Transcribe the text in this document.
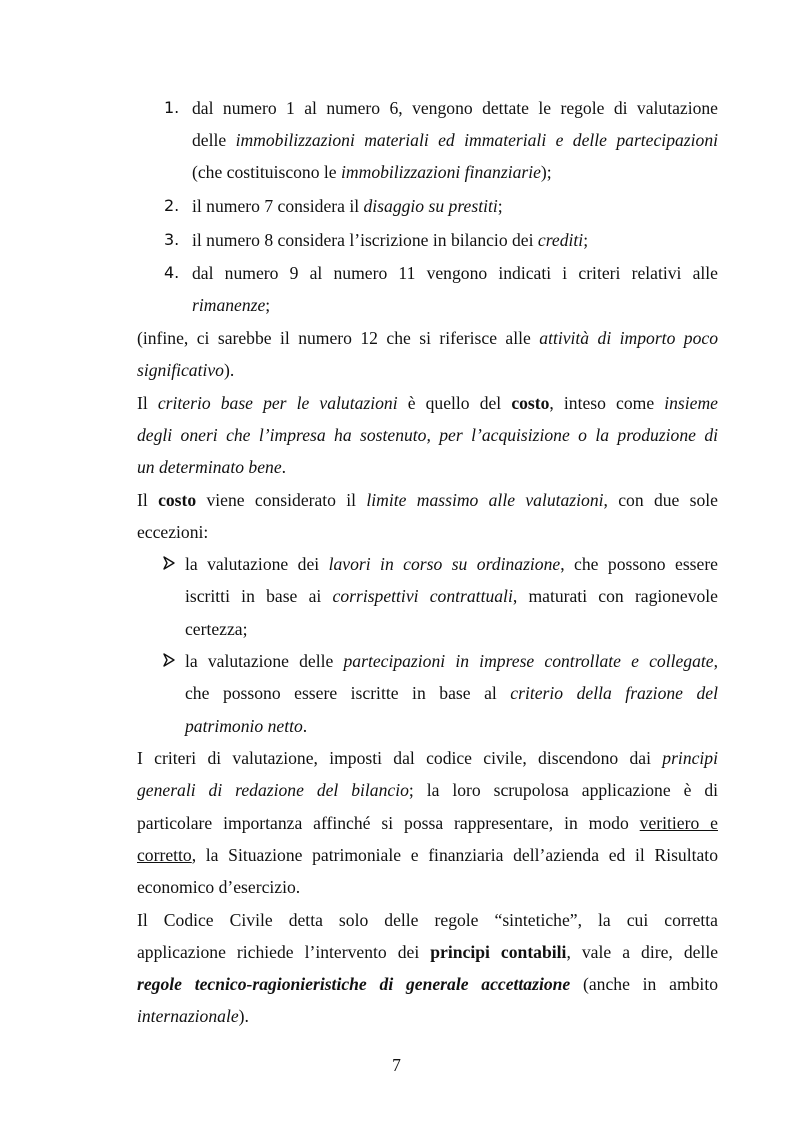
1. dal numero 1 al numero 6, vengono dettate le regole di valutazione
delle immobilizzazioni materiali ed immateriali e delle partecipazioni
(che costituiscono le immobilizzazioni finanziarie);
2. il numero 7 considera il disaggio su prestiti;
3. il numero 8 considera l’iscrizione in bilancio dei crediti;
4. dal numero 9 al numero 11 vengono indicati i criteri relativi alle
rimanenze;
(infine, ci sarebbe il numero 12 che si riferisce alle attività di importo poco
significativo).
Il criterio base per le valutazioni è quello del costo, inteso come insieme
degli oneri che l’impresa ha sostenuto, per l’acquisizione o la produzione di
un determinato bene.
Il costo viene considerato il limite massimo alle valutazioni, con due sole
eccezioni:
la valutazione dei lavori in corso su ordinazione, che possono essere
iscritti in base ai corrispettivi contrattuali, maturati con ragionevole
certezza;
la valutazione delle partecipazioni in imprese controllate e collegate,
che possono essere iscritte in base al criterio della frazione del
patrimonio netto.
I criteri di valutazione, imposti dal codice civile, discendono dai principi
generali di redazione del bilancio; la loro scrupolosa applicazione è di
particolare importanza affinché si possa rappresentare, in modo veritiero e
corretto, la Situazione patrimoniale e finanziaria dell’azienda ed il Risultato
economico d’esercizio.
Il Codice Civile detta solo delle regole “sintetiche”, la cui corretta
applicazione richiede l’intervento dei principi contabili, vale a dire, delle
regole tecnico-ragionieristiche di generale accettazione (anche in ambito
internazionale).
7
